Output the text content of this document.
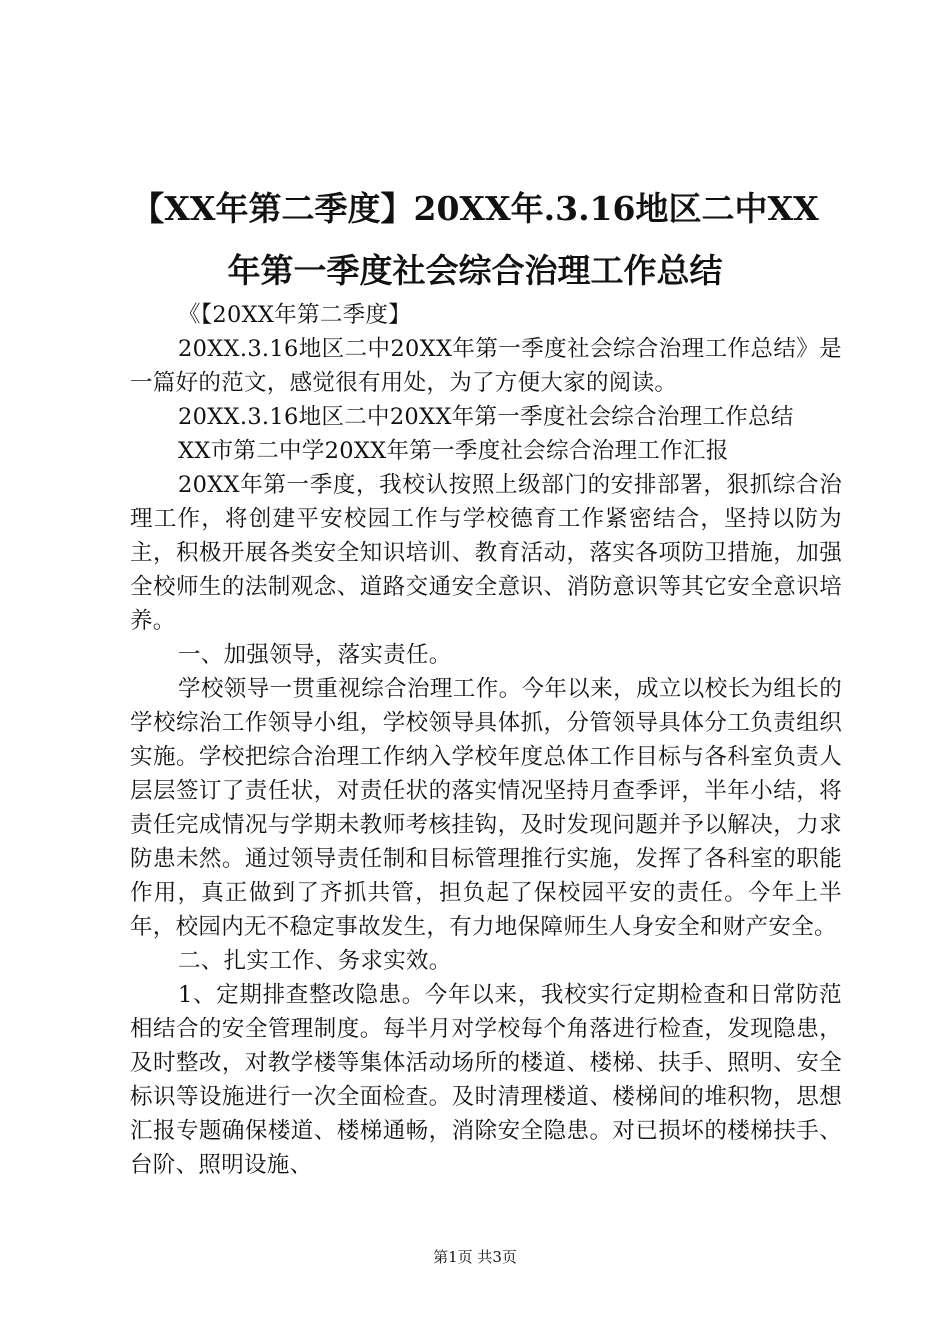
【XX年第二季度】20XX年.3.16地区二中XX
年第一季度社会综合治理工作总结

《【20XX年第二季度】

20XX.3.16地区二中20XX年第一季度社会综合治理工作总结》是一篇好的范文，感觉很有用处，为了方便大家的阅读。

20XX.3.16地区二中20XX年第一季度社会综合治理工作总结

XX市第二中学20XX年第一季度社会综合治理工作汇报

20XX年第一季度，我校认按照上级部门的安排部署，狠抓综合治理工作，将创建平安校园工作与学校德育工作紧密结合，坚持以防为主，积极开展各类安全知识培训、教育活动，落实各项防卫措施，加强全校师生的法制观念、道路交通安全意识、消防意识等其它安全意识培养。

一、加强领导，落实责任。

学校领导一贯重视综合治理工作。今年以来，成立以校长为组长的学校综治工作领导小组，学校领导具体抓，分管领导具体分工负责组织实施。学校把综合治理工作纳入学校年度总体工作目标与各科室负责人层层签订了责任状，对责任状的落实情况坚持月查季评，半年小结，将责任完成情况与学期未教师考核挂钩，及时发现问题并予以解决，力求防患未然。通过领导责任制和目标管理推行实施，发挥了各科室的职能作用，真正做到了齐抓共管，担负起了保校园平安的责任。今年上半年，校园内无不稳定事故发生，有力地保障师生人身安全和财产安全。

二、扎实工作、务求实效。

1、定期排查整改隐患。今年以来，我校实行定期检查和日常防范相结合的安全管理制度。每半月对学校每个角落进行检查，发现隐患，及时整改，对教学楼等集体活动场所的楼道、楼梯、扶手、照明、安全标识等设施进行一次全面检查。及时清理楼道、楼梯间的堆积物，思想汇报专题确保楼道、楼梯通畅，消除安全隐患。对已损坏的楼梯扶手、台阶、照明设施、

第1页 共3页
